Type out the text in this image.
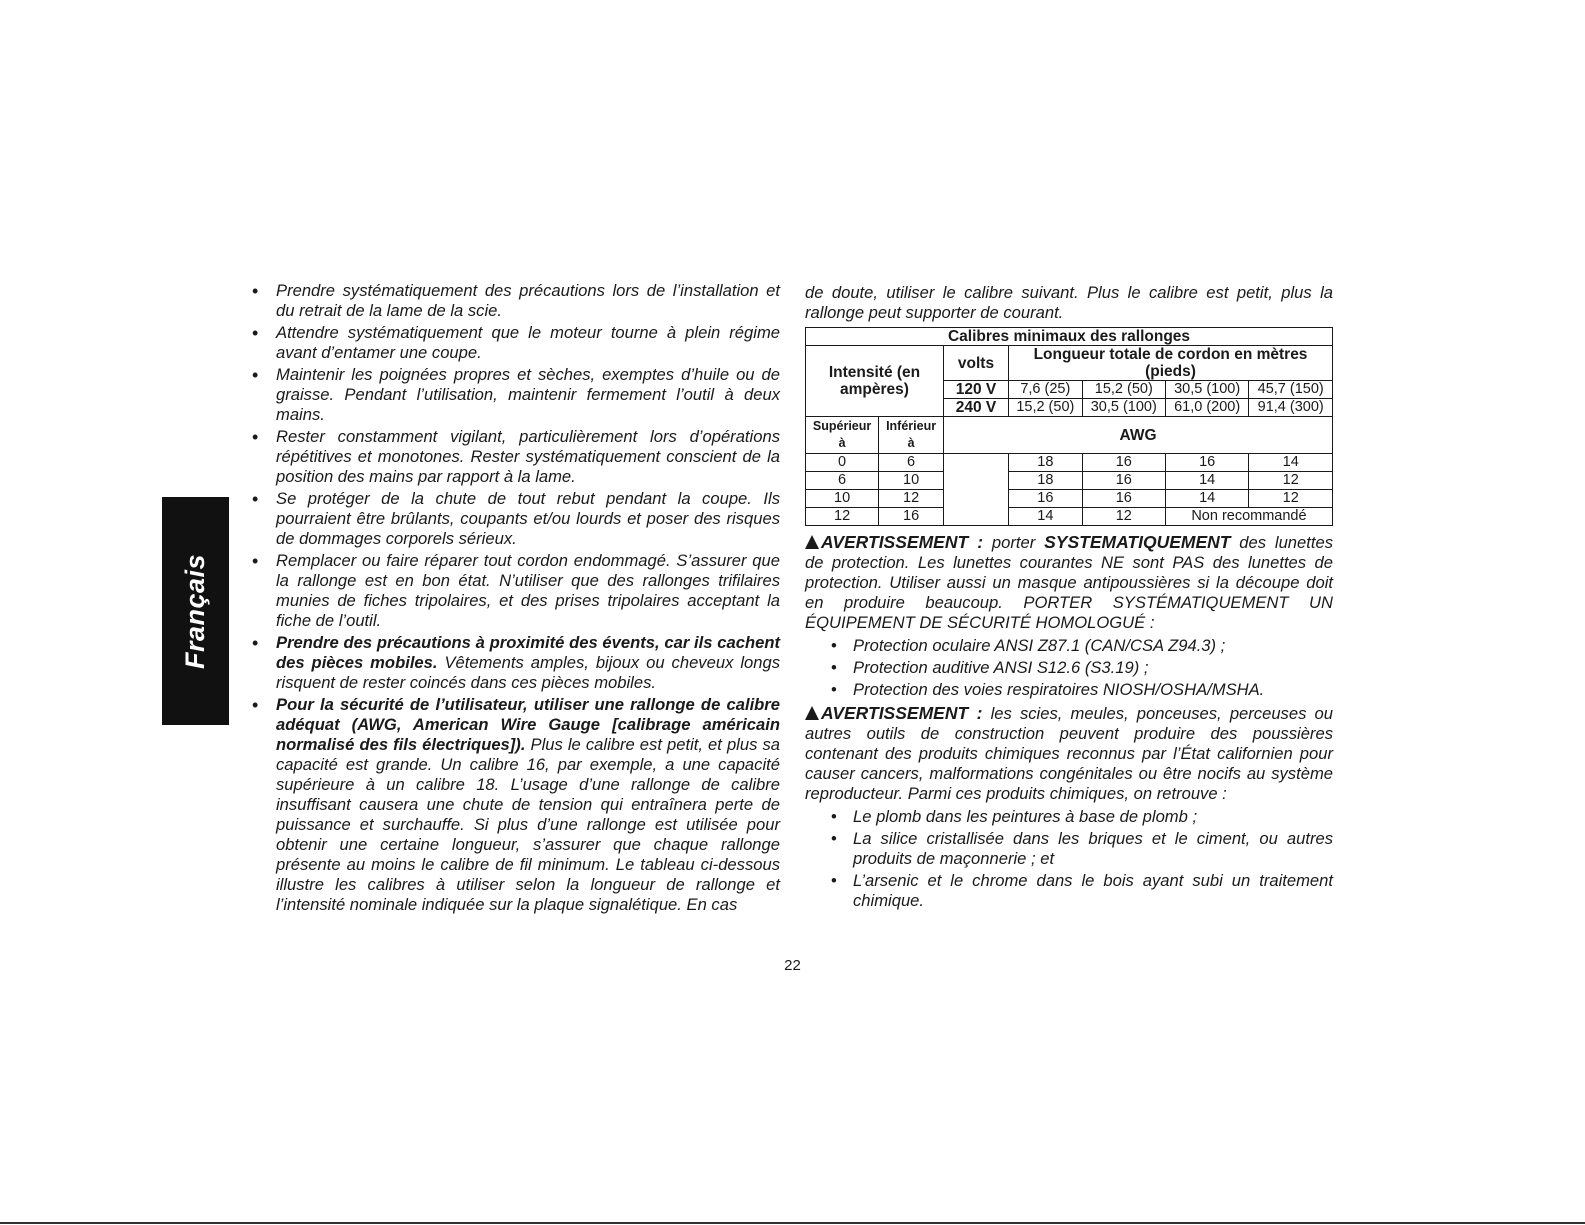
Français
• Prendre systématiquement des précautions lors de l’installation et du retrait de la lame de la scie.
• Attendre systématiquement que le moteur tourne à plein régime avant d’entamer une coupe.
• Maintenir les poignées propres et sèches, exemptes d’huile ou de graisse. Pendant l’utilisation, maintenir fermement l’outil à deux mains.
• Rester constamment vigilant, particulièrement lors d’opérations répétitives et monotones. Rester systématiquement conscient de la position des mains par rapport à la lame.
• Se protéger de la chute de tout rebut pendant la coupe. Ils pourraient être brûlants, coupants et/ou lourds et poser des risques de dommages corporels sérieux.
• Remplacer ou faire réparer tout cordon endommagé. S’assurer que la rallonge est en bon état. N’utiliser que des rallonges trifilaires munies de fiches tripolaires, et des prises tripolaires acceptant la fiche de l’outil.
• Prendre des précautions à proximité des évents, car ils cachent des pièces mobiles. Vêtements amples, bijoux ou cheveux longs risquent de rester coincés dans ces pièces mobiles.
• Pour la sécurité de l’utilisateur, utiliser une rallonge de calibre adéquat (AWG, American Wire Gauge [calibrage américain normalisé des fils électriques]). Plus le calibre est petit, et plus sa capacité est grande. Un calibre 16, par exemple, a une capacité supérieure à un calibre 18. L’usage d’une rallonge de calibre insuffisant causera une chute de tension qui entraînera perte de puissance et surchauffe. Si plus d’une rallonge est utilisée pour obtenir une certaine longueur, s’assurer que chaque rallonge présente au moins le calibre de fil minimum. Le tableau ci-dessous illustre les calibres à utiliser selon la longueur de rallonge et l’intensité nominale indiquée sur la plaque signalétique. En cas

de doute, utiliser le calibre suivant. Plus le calibre est petit, plus la rallonge peut supporter de courant.

Calibres minimaux des rallonges						
Intensité (en ampères)		volts	Longueur totale de cordon en mètres (pieds)			
		120 V	7,6 (25)	15,2 (50)	30,5 (100)	45,7 (150)
		240 V	15,2 (50)	30,5 (100)	61,0 (200)	91,4 (300)
Supérieur à	Inférieur à	AWG				
0	6		18	16	16	14
6	10		18	16	14	12
10	12		16	16	14	12
12	16		14	12	Non recommandé	

AVERTISSEMENT : porter SYSTEMATIQUEMENT des lunettes de protection. Les lunettes courantes NE sont PAS des lunettes de protection. Utiliser aussi un masque antipoussières si la découpe doit en produire beaucoup. PORTER SYSTÉMATIQUEMENT UN ÉQUIPEMENT DE SÉCURITÉ HOMOLOGUÉ :

• Protection oculaire ANSI Z87.1 (CAN/CSA Z94.3) ;
• Protection auditive ANSI S12.6 (S3.19) ;
• Protection des voies respiratoires NIOSH/OSHA/MSHA.

AVERTISSEMENT : les scies, meules, ponceuses, perceuses ou autres outils de construction peuvent produire des poussières contenant des produits chimiques reconnus par l’État californien pour causer cancers, malformations congénitales ou être nocifs au système reproducteur. Parmi ces produits chimiques, on retrouve :

• Le plomb dans les peintures à base de plomb ;
• La silice cristallisée dans les briques et le ciment, ou autres produits de maçonnerie ; et
• L’arsenic et le chrome dans le bois ayant subi un traitement chimique.
22
